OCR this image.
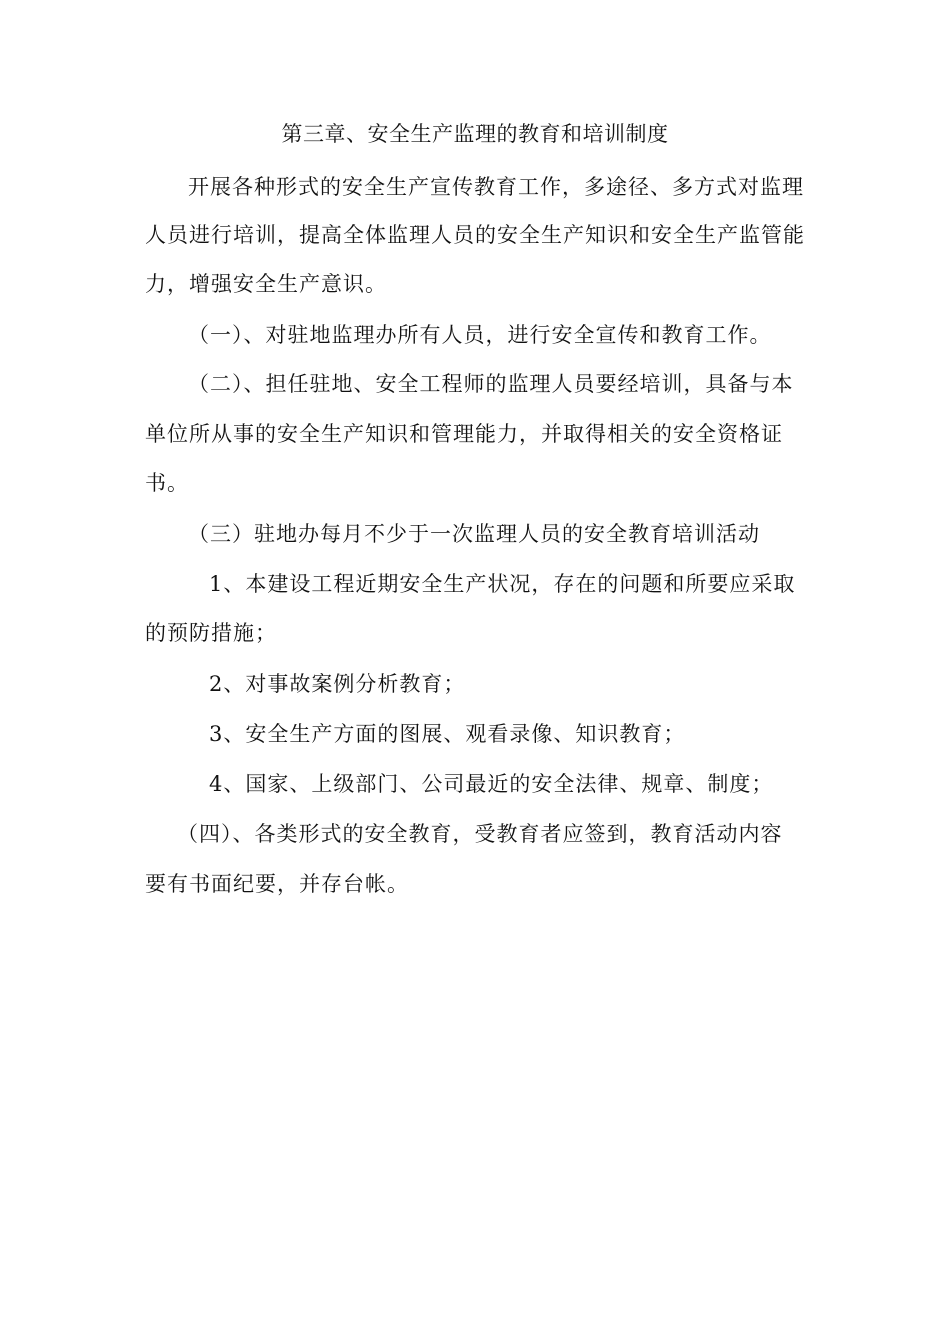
第三章、安全生产监理的教育和培训制度
开展各种形式的安全生产宣传教育工作，多途径、多方式对监理
人员进行培训，提高全体监理人员的安全生产知识和安全生产监管能
力，增强安全生产意识。
（一）、对驻地监理办所有人员，进行安全宣传和教育工作。
（二）、担任驻地、安全工程师的监理人员要经培训，具备与本
单位所从事的安全生产知识和管理能力，并取得相关的安全资格证
书。
（三）驻地办每月不少于一次监理人员的安全教育培训活动
1、本建设工程近期安全生产状况，存在的问题和所要应采取
的预防措施；
2、对事故案例分析教育；
3、安全生产方面的图展、观看录像、知识教育；
4、国家、上级部门、公司最近的安全法律、规章、制度；
（四）、各类形式的安全教育，受教育者应签到，教育活动内容
要有书面纪要，并存台帐。
